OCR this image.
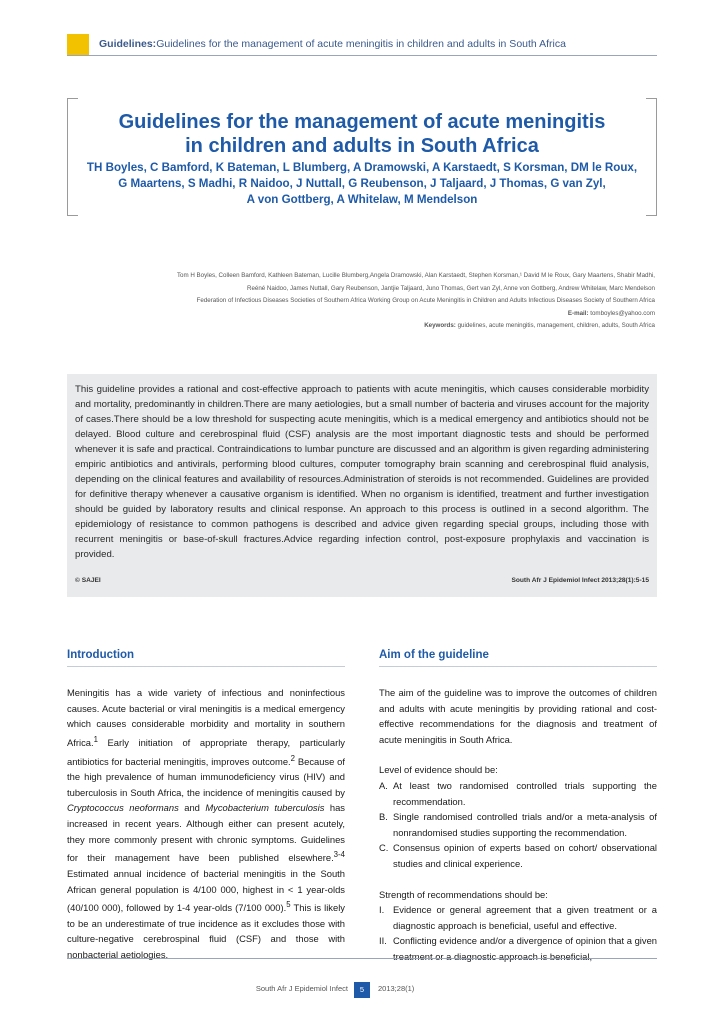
Guidelines:Guidelines for the management of acute meningitis in children and adults in South Africa
Guidelines for the management of acute meningitis
in children and adults in South Africa
TH Boyles, C Bamford, K Bateman, L Blumberg, A Dramowski, A Karstaedt, S Korsman, DM le Roux,
G Maartens, S Madhi, R Naidoo, J Nuttall, G Reubenson, J Taljaard, J Thomas, G van Zyl,
A von Gottberg, A Whitelaw, M Mendelson
Tom H Boyles, Colleen Bamford, Kathleen Bateman, Lucille Blumberg,Angela Dramowski, Alan Karstaedt, Stephen Korsman,¹ David M le Roux, Gary Maartens, Shabir Madhi,
Reéné Naidoo, James Nuttall, Gary Reubenson, Jantjie Taljaard, Juno Thomas, Gert van Zyl, Anne von Gottberg, Andrew Whitelaw, Marc Mendelson
Federation of Infectious Diseases Societies of Southern Africa Working Group on Acute Meningitis in Children and Adults Infectious Diseases Society of Southern Africa
E-mail: tomboyles@yahoo.com
Keywords: guidelines, acute meningitis, management, children, adults, South Africa

This guideline provides a rational and cost-effective approach to patients with acute meningitis, which causes considerable morbidity and mortality, predominantly in children.There are many aetiologies, but a small number of bacteria and viruses account for the majority of cases.There should be a low threshold for suspecting acute meningitis, which is a medical emergency and antibiotics should not be delayed. Blood culture and cerebrospinal fluid (CSF) analysis are the most important diagnostic tests and should be performed whenever it is safe and practical. Contraindications to lumbar puncture are discussed and an algorithm is given regarding administering empiric antibiotics and antivirals, performing blood cultures, computer tomography brain scanning and cerebrospinal fluid analysis, depending on the clinical features and availability of resources.Administration of steroids is not recommended. Guidelines are provided for definitive therapy whenever a causative organism is identified. When no organism is identified, treatment and further investigation should be guided by laboratory results and clinical response. An approach to this process is outlined in a second algorithm. The epidemiology of resistance to common pathogens is described and advice given regarding special groups, including those with recurrent meningitis or base-of-skull fractures.Advice regarding infection control, post-exposure prophylaxis and vaccination is provided.

© SAJEI	South Afr J Epidemiol Infect 2013;28(1):5-15
Introduction

Meningitis has a wide variety of infectious and noninfectious causes. Acute bacterial or viral meningitis is a medical emergency which causes considerable morbidity and mortality in southern Africa.$^1$ Early initiation of appropriate therapy, particularly antibiotics for bacterial meningitis, improves outcome.$^2$ Because of the high prevalence of human immunodeficiency virus (HIV) and tuberculosis in South Africa, the incidence of meningitis caused by Cryptococcus neoformans and Mycobacterium tuberculosis has increased in recent years. Although either can present acutely, they more commonly present with chronic symptoms. Guidelines for their management have been published elsewhere.$^{3-4}$ Estimated annual incidence of bacterial meningitis in the South African general population is 4/100 000, highest in < 1 year-olds (40/100 000), followed by 1-4 year-olds (7/100 000).$^5$ This is likely to be an underestimate of true incidence as it excludes those with culture-negative cerebrospinal fluid (CSF) and those with nonbacterial aetiologies.

Aim of the guideline

The aim of the guideline was to improve the outcomes of children and adults with acute meningitis by providing rational and cost-effective recommendations for the diagnosis and treatment of acute meningitis in South Africa.

Level of evidence should be:
A. At least two randomised controlled trials supporting the recommendation.
B. Single randomised controlled trials and/or a meta-analysis of nonrandomised studies supporting the recommendation.
C. Consensus opinion of experts based on cohort/ observational studies and clinical experience.
Strength of recommendations should be:
I. Evidence or general agreement that a given treatment or a diagnostic approach is beneficial, useful and effective.
II. Conflicting evidence and/or a divergence of opinion that a given treatment or a diagnostic approach is beneficial,
South Afr J Epidemiol Infect	5	2013;28(1)
